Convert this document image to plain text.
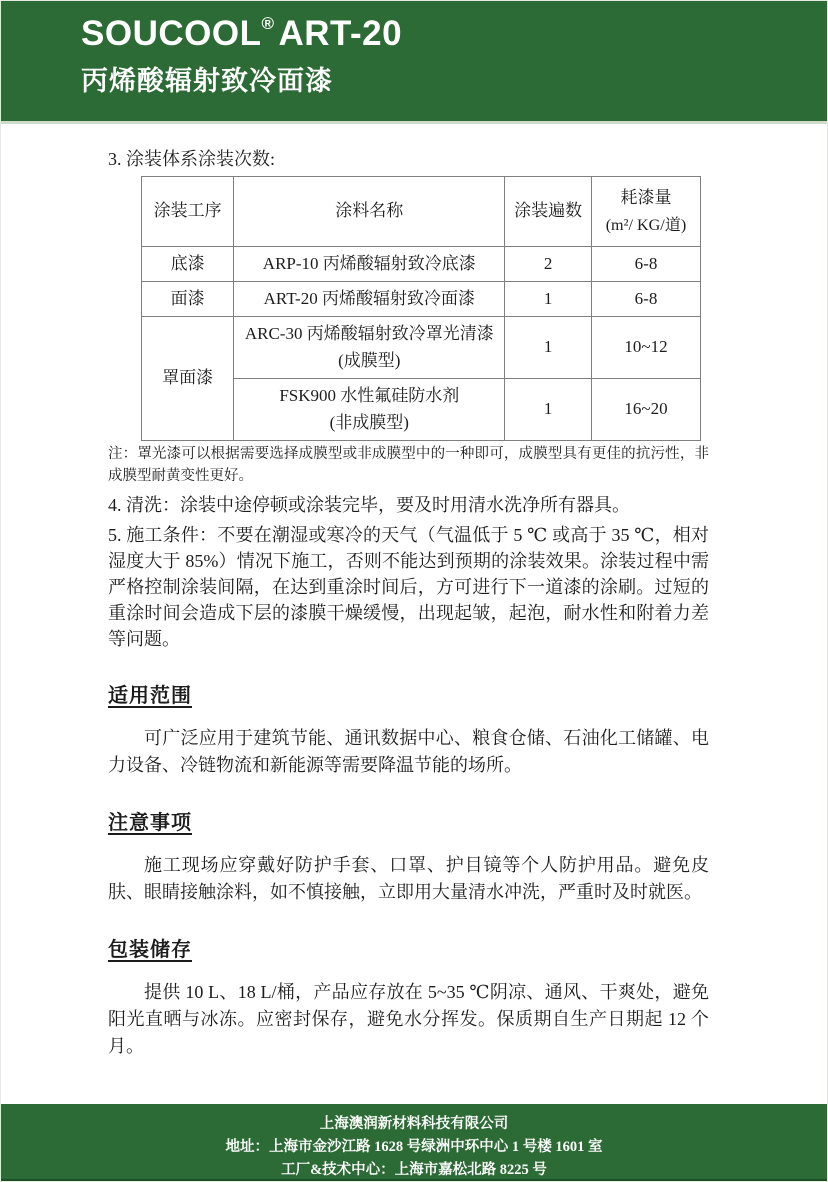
SOUCOOL® ART-20
丙烯酸辐射致冷面漆
3. 涂装体系涂装次数:
涂装工序	涂料名称	涂装遍数	耗漆量
(m²/ KG/道)
底漆	ARP-10 丙烯酸辐射致冷底漆	2	6-8
面漆	ART-20 丙烯酸辐射致冷面漆	1	6-8
罩面漆	ARC-30 丙烯酸辐射致冷罩光清漆
(成膜型)	1	10~12
	FSK900 水性氟硅防水剂
(非成膜型)	1	16~20
注：罩光漆可以根据需要选择成膜型或非成膜型中的一种即可，成膜型具有更佳的抗污性，非成膜型耐黄变性更好。
4. 清洗：涂装中途停顿或涂装完毕，要及时用清水洗净所有器具。
5. 施工条件：不要在潮湿或寒冷的天气（气温低于 5 ℃ 或高于 35 ℃，相对湿度大于 85%）情况下施工，否则不能达到预期的涂装效果。涂装过程中需严格控制涂装间隔，在达到重涂时间后，方可进行下一道漆的涂刷。过短的重涂时间会造成下层的漆膜干燥缓慢，出现起皱，起泡，耐水性和附着力差等问题。
适用范围
可广泛应用于建筑节能、通讯数据中心、粮食仓储、石油化工储罐、电力设备、冷链物流和新能源等需要降温节能的场所。
注意事项
施工现场应穿戴好防护手套、口罩、护目镜等个人防护用品。避免皮肤、眼睛接触涂料，如不慎接触，立即用大量清水冲洗，严重时及时就医。
包装储存
提供 10 L、18 L/桶，产品应存放在 5~35 ℃阴凉、通风、干爽处，避免阳光直晒与冰冻。应密封保存，避免水分挥发。保质期自生产日期起 12 个月。
上海澳润新材料科技有限公司
地址：上海市金沙江路 1628 号绿洲中环中心 1 号楼 1601 室
工厂&技术中心：上海市嘉松北路 8225 号
